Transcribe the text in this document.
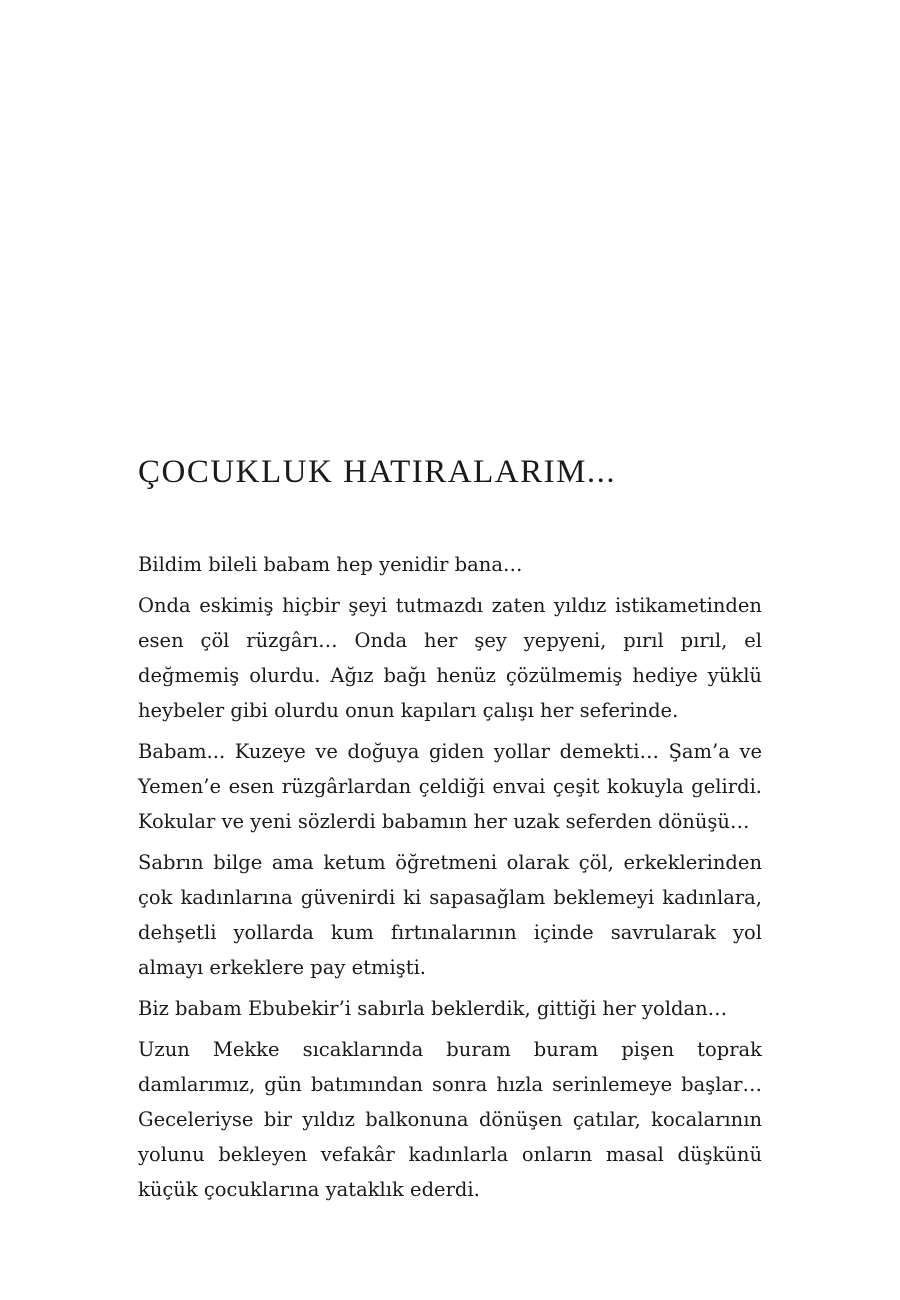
ÇOCUKLUK HATIRALARIM...

Bildim bileli babam hep yenidir bana…

Onda eskimiş hiçbir şeyi tutmazdı zaten yıldız istikametinden esen çöl rüzgârı… Onda her şey yepyeni, pırıl pırıl, el değmemiş olurdu. Ağız bağı henüz çözülmemiş hediye yüklü heybeler gibi olurdu onun kapıları çalışı her seferinde.

Babam... Kuzeye ve doğuya giden yollar demekti… Şam’a ve Yemen’e esen rüzgârlardan çeldiği envai çeşit kokuyla gelirdi. Kokular ve yeni sözlerdi babamın her uzak seferden dönüşü…

Sabrın bilge ama ketum öğretmeni olarak çöl, erkeklerinden çok kadınlarına güvenirdi ki sapasağlam beklemeyi kadınlara, dehşetli yollarda kum fırtınalarının içinde savrularak yol almayı erkeklere pay etmişti.

Biz babam Ebubekir’i sabırla beklerdik, gittiği her yoldan…

Uzun Mekke sıcaklarında buram buram pişen toprak damlarımız, gün batımından sonra hızla serinlemeye başlar… Geceleriyse bir yıldız balkonuna dönüşen çatılar, kocalarının yolunu bekleyen vefakâr kadınlarla onların masal düşkünü küçük çocuklarına yataklık ederdi.
